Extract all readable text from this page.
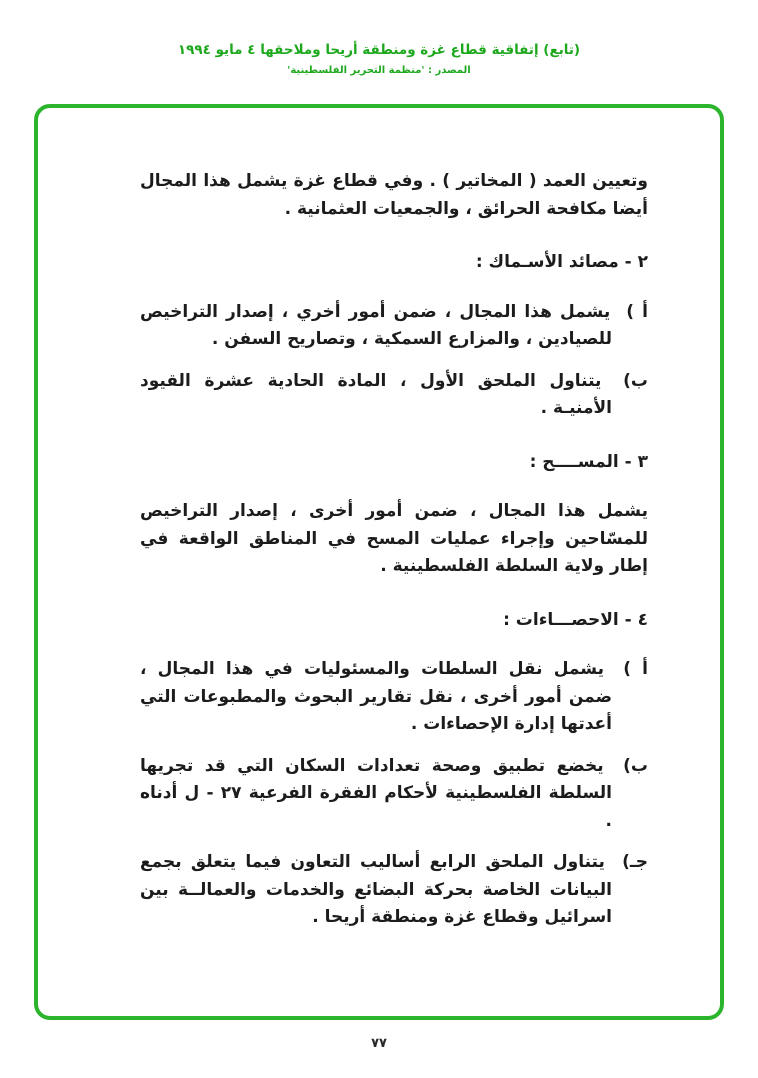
(تابع) إتفاقية قطاع غزة ومنطقة أريحا وملاحقها ٤ مايو ١٩٩٤
المصدر : 'منظمة التحرير الفلسطينية'

وتعيين العمد ( المخاتير ) . وفي قطاع غزة يشمل هذا المجال أيضا مكافحة الحرائق ، والجمعيات العثمانية .

٢ - مصائد الأسـماك :

أ ) يشمل هذا المجال ، ضمن أمور أخري ، إصدار التراخيص للصيادين ، والمزارع السمكية ، وتصاريح السفن .

ب) يتناول الملحق الأول ، المادة الحادية عشرة القيود الأمنيـة .

٣ - المســــح :

يشمل هذا المجال ، ضمن أمور أخرى ، إصدار التراخيص للمسّاحين وإجراء عمليات المسح في المناطق الواقعة في إطار ولاية السلطة الفلسطينية .

٤ - الاحصـــاءات :

أ ) يشمل نقل السلطات والمسئوليات في هذا المجال ، ضمن أمور أخرى ، نقل تقارير البحوث والمطبوعات التي أعدتها إدارة الإحصاءات .

ب) يخضع تطبيق وصحة تعدادات السكان التي قد تجريها السلطة الفلسطينية لأحكام الفقرة الفرعية ٢٧ - ل أدناه .

جـ) يتناول الملحق الرابع أساليب التعاون فيما يتعلق بجمع البيانات الخاصة بحركة البضائع والخدمات والعمالــة بين اسرائيل وقطاع غزة ومنطقة أريحا .

٧٧
